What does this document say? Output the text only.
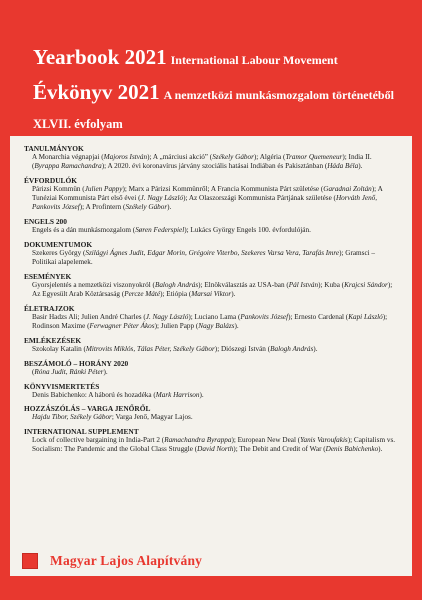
Yearbook 2021 International Labour Movement
Évkönyv 2021 A nemzetközi munkásmozgalom történetéből
XLVII. évfolyam
TANULMÁNYOK
A Monarchia végnapjai (Majoros István); A „márciusi akció” (Székely Gábor); Algéria (Tramor Quemeneur); India II. (Byrappa Ramachandra); A 2020. évi koronavírus járvány szociális hatásai Indiában és Pakisztánban (Háda Béla).
ÉVFORDULÓK
Párizsi Kommün (Julien Pappy); Marx a Párizsi Kommünről; A Francia Kommunista Párt születése (Garadnai Zoltán); A Tunéziai Kommunista Párt első évei (J. Nagy László); Az Olaszországi Kommunista Pártjának születése (Horváth Jenő, Pankovits József); A Profintern (Székely Gábor).
ENGELS 200
Engels és a dán munkásmozgalom (Søren Federspiel); Lukács György Engels 100. évfordulóján.
DOKUMENTUMOK
Szekeres György (Szilágyi Ágnes Judit, Edgar Morin, Grégoire Viterbo, Szekeres Varsa Vera, Tarafás Imre); Gramsci – Politikai alapelemek.
ESEMÉNYEK
Gyorsjelentés a nemzetközi viszonyokról (Balogh András); Elnökválasztás az USA-ban (Pál István); Kuba (Krajcsi Sándor); Az Egyesült Arab Köztársaság (Percze Máté); Etiópia (Marsai Viktor).
ÉLETRAJZOK
Basir Hadzs Ali; Julien André Charles (J. Nagy László); Luciano Lama (Pankovits József); Ernesto Cardenal (Kapi László); Rodinson Maxime (Ferwagner Péter Ákos); Julien Papp (Nagy Balázs).
EMLÉKEZÉSEK
Szokolay Katalin (Mitrovits Miklós, Tálas Péter, Székely Gábor); Diószegi István (Balogh András).
BESZÁMOLÓ – HORÁNY 2020
(Róna Judit, Ránki Péter).
KÖNYVISMERTETÉS
Denis Babichenko: A háború és hozadéka (Mark Harrison).
HOZZÁSZÓLÁS – VARGA JENŐRŐL
Hajdu Tibor, Székely Gábor; Varga Jenő, Magyar Lajos.
INTERNATIONAL SUPPLEMENT
Lock of collective bargaining in India-Part 2 (Ramachandra Byrappa); European New Deal (Yanis Varoufakis); Capitalism vs. Socialism: The Pandemic and the Global Class Struggle (David North); The Debit and Credit of War (Denis Babichenko).
Magyar Lajos Alapítvány
